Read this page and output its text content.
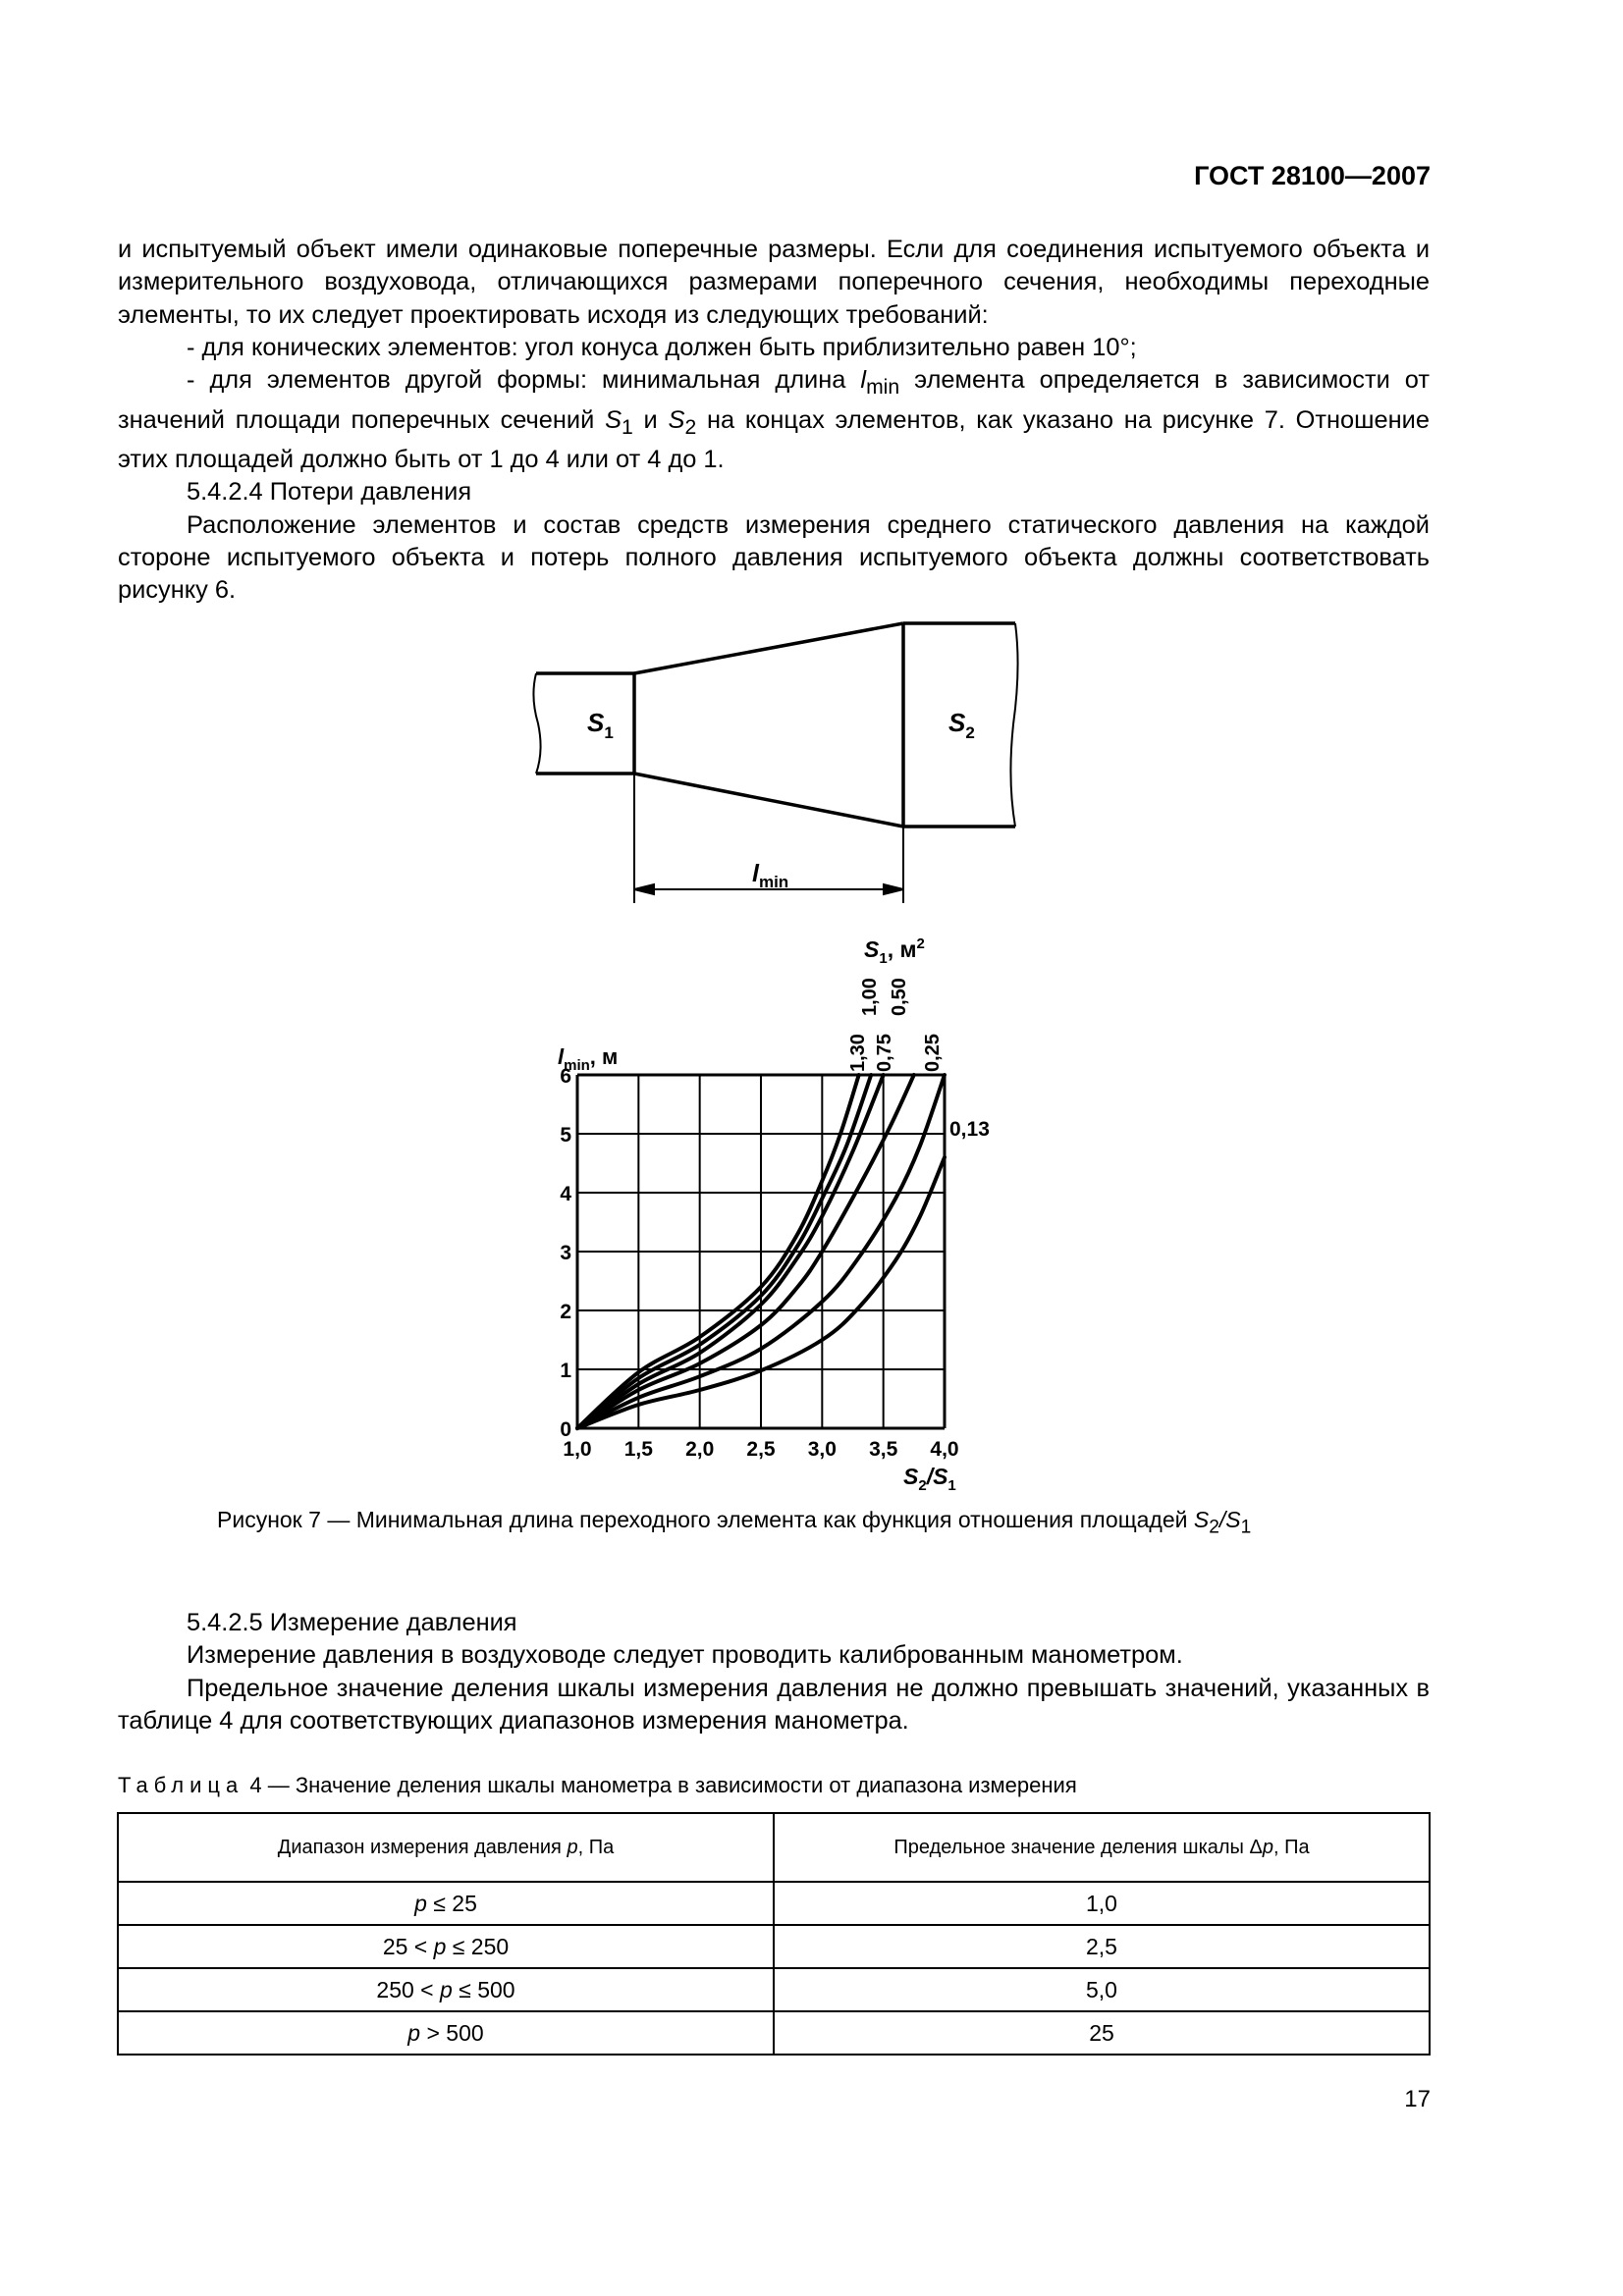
ГОСТ 28100—2007

и испытуемый объект имели одинаковые поперечные размеры. Если для соединения испытуемого объекта и измерительного воздуховода, отличающихся размерами поперечного сечения, необходимы переходные элементы, то их следует проектировать исходя из следующих требований:

- для конических элементов: угол конуса должен быть приблизительно равен 10°;

- для элементов другой формы: минимальная длина $l_{min}$ элемента определяется в зависимости от значений площади поперечных сечений $S_1$ и $S_2$ на концах элементов, как указано на рисунке 7. Отношение этих площадей должно быть от 1 до 4 или от 4 до 1.

5.4.2.4 Потери давления

Расположение элементов и состав средств измерения среднего статического давления на каждой стороне испытуемого объекта и потерь полного давления испытуемого объекта должны соответствовать рисунку 6.

$S_1$	$S_2$
$l_{min}$
1,0 1,5 2,0 2,5 3,0 3,5 4,0
0
1
2
3
4
5
6
1,30
1,00
0,75
0,50
0,25
0,13
$S_1$, $м^2$
$l_{min}$, м
$S_2/S_1$
Рисунок 7 — Минимальная длина переходного элемента как функция отношения площадей $S_2/S_1$

5.4.2.5 Измерение давления

Измерение давления в воздуховоде следует проводить калиброванным манометром.

Предельное значение деления шкалы измерения давления не должно превышать значений, указанных в таблице 4 для соответствующих диапазонов измерения манометра.

Таблица 4 — Значение деления шкалы манометра в зависимости от диапазона измерения
Диапазон измерения давления p, Па	Предельное значение деления шкалы Δp, Па
p ≤ 25	1,0
25 < p ≤ 250	2,5
250 < p ≤ 500	5,0
p > 500	25
17
